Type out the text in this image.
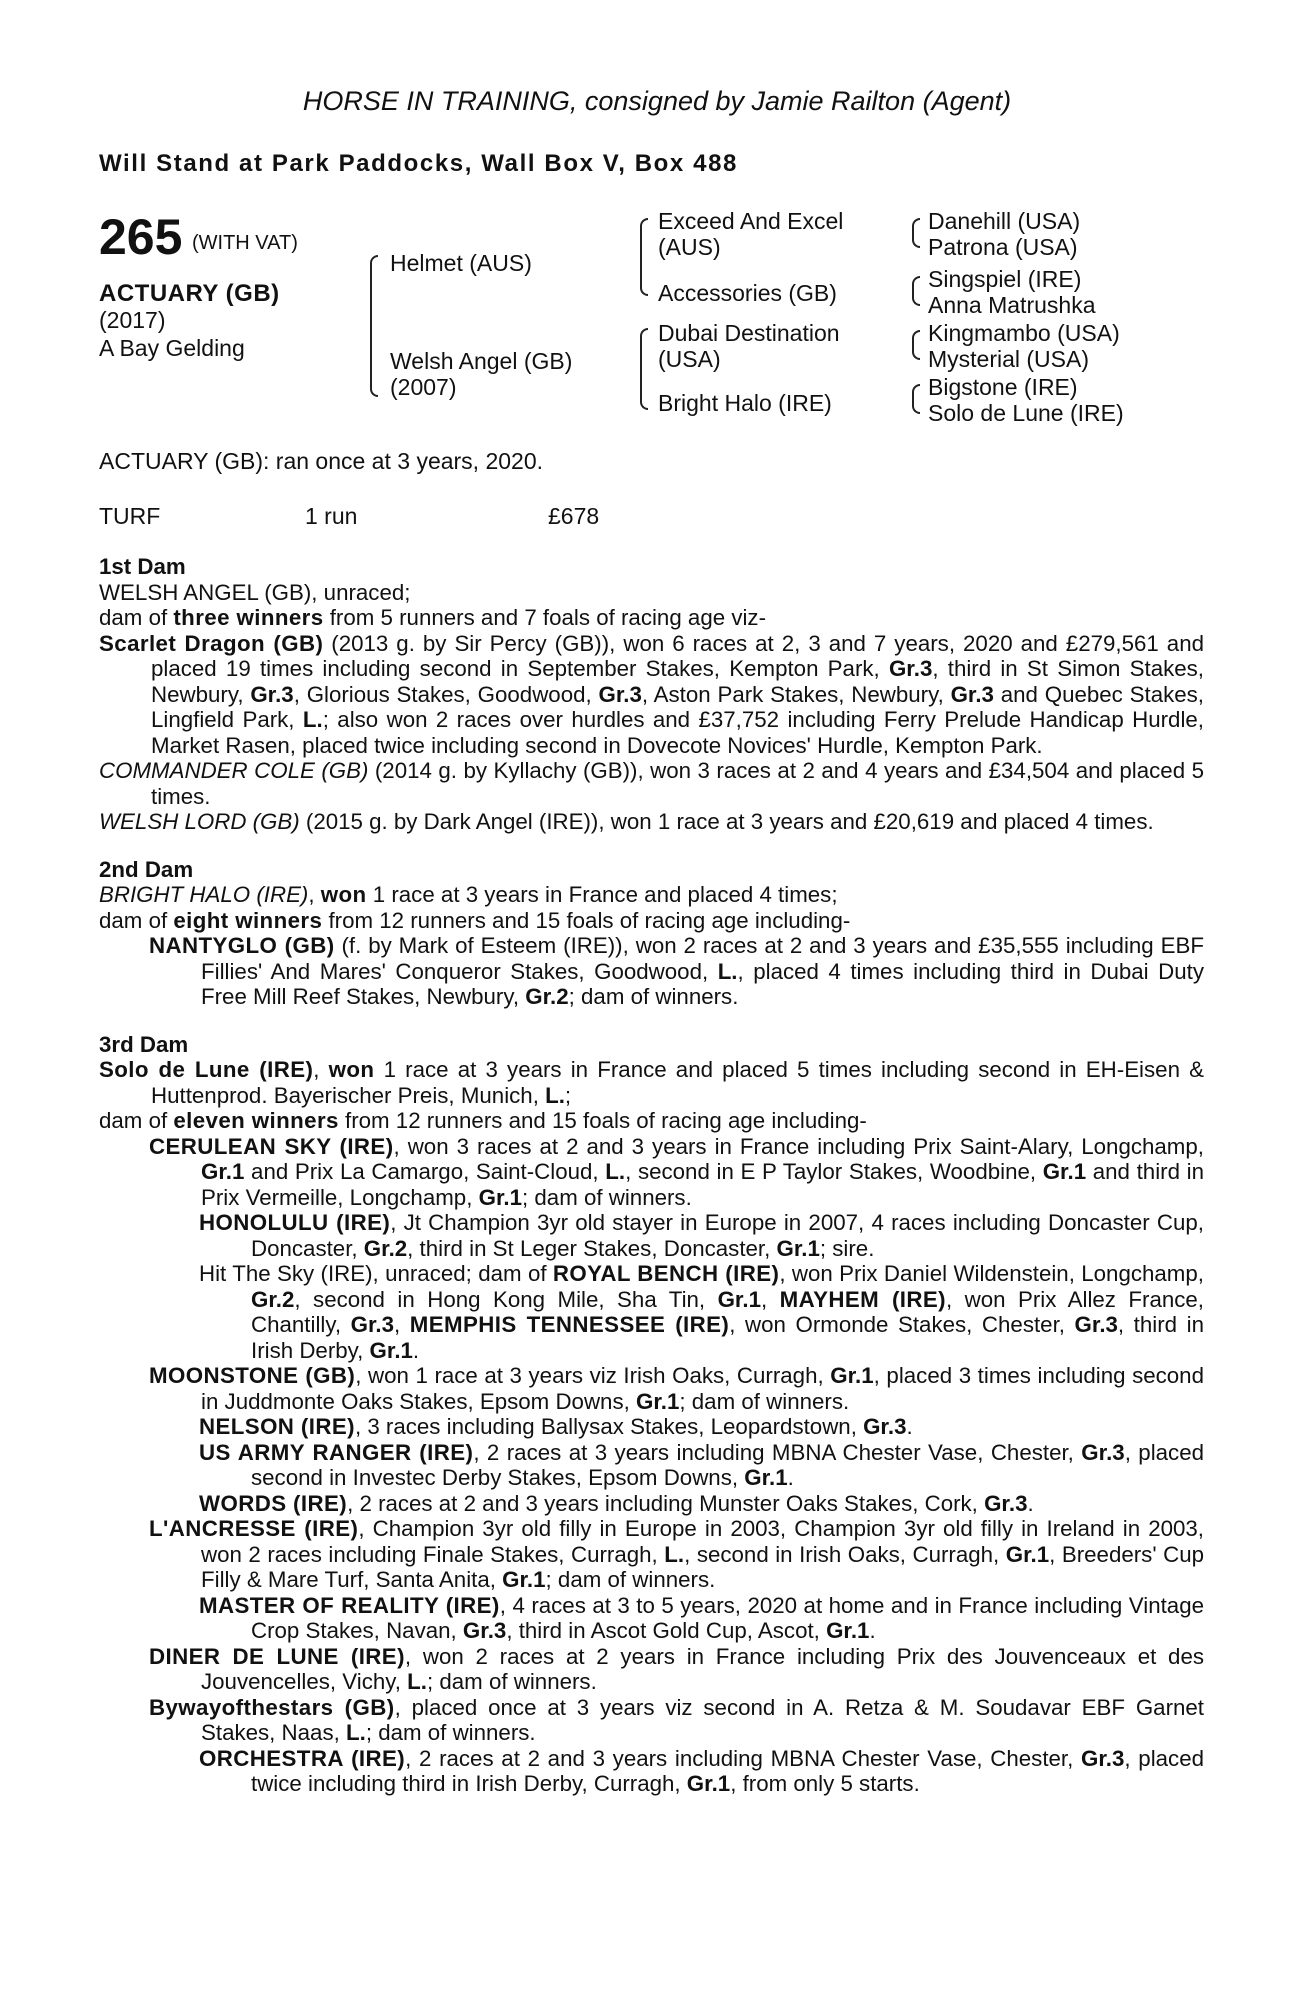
HORSE IN TRAINING, consigned by Jamie Railton (Agent)
Will Stand at Park Paddocks, Wall Box V, Box 488
265 (WITH VAT)
ACTUARY (GB)
(2017)
A Bay Gelding
Helmet (AUS)
Welsh Angel (GB)
(2007)
Exceed And Excel
(AUS)
Accessories (GB)
Dubai Destination
(USA)
Bright Halo (IRE)
Danehill (USA)
Patrona (USA)
Singspiel (IRE)
Anna Matrushka
Kingmambo (USA)
Mysterial (USA)
Bigstone (IRE)
Solo de Lune (IRE)
ACTUARY (GB): ran once at 3 years, 2020.
TURF	1 run	£678
1st Dam
WELSH ANGEL (GB), unraced;
dam of three winners from 5 runners and 7 foals of racing age viz-
Scarlet Dragon (GB) (2013 g. by Sir Percy (GB)), won 6 races at 2, 3 and 7 years, 2020 and £279,561 and placed 19 times including second in September Stakes, Kempton Park, Gr.3, third in St Simon Stakes, Newbury, Gr.3, Glorious Stakes, Goodwood, Gr.3, Aston Park Stakes, Newbury, Gr.3 and Quebec Stakes, Lingfield Park, L.; also won 2 races over hurdles and £37,752 including Ferry Prelude Handicap Hurdle, Market Rasen, placed twice including second in Dovecote Novices' Hurdle, Kempton Park.
COMMANDER COLE (GB) (2014 g. by Kyllachy (GB)), won 3 races at 2 and 4 years and £34,504 and placed 5 times.
WELSH LORD (GB) (2015 g. by Dark Angel (IRE)), won 1 race at 3 years and £20,619 and placed 4 times.
2nd Dam
BRIGHT HALO (IRE), won 1 race at 3 years in France and placed 4 times;
dam of eight winners from 12 runners and 15 foals of racing age including-
NANTYGLO (GB) (f. by Mark of Esteem (IRE)), won 2 races at 2 and 3 years and £35,555 including EBF Fillies' And Mares' Conqueror Stakes, Goodwood, L., placed 4 times including third in Dubai Duty Free Mill Reef Stakes, Newbury, Gr.2; dam of winners.
3rd Dam
Solo de Lune (IRE), won 1 race at 3 years in France and placed 5 times including second in EH-Eisen & Huttenprod. Bayerischer Preis, Munich, L.;
dam of eleven winners from 12 runners and 15 foals of racing age including-
CERULEAN SKY (IRE), won 3 races at 2 and 3 years in France including Prix Saint-Alary, Longchamp, Gr.1 and Prix La Camargo, Saint-Cloud, L., second in E P Taylor Stakes, Woodbine, Gr.1 and third in Prix Vermeille, Longchamp, Gr.1; dam of winners.
HONOLULU (IRE), Jt Champion 3yr old stayer in Europe in 2007, 4 races including Doncaster Cup, Doncaster, Gr.2, third in St Leger Stakes, Doncaster, Gr.1; sire.
Hit The Sky (IRE), unraced; dam of ROYAL BENCH (IRE), won Prix Daniel Wildenstein, Longchamp, Gr.2, second in Hong Kong Mile, Sha Tin, Gr.1, MAYHEM (IRE), won Prix Allez France, Chantilly, Gr.3, MEMPHIS TENNESSEE (IRE), won Ormonde Stakes, Chester, Gr.3, third in Irish Derby, Gr.1.
MOONSTONE (GB), won 1 race at 3 years viz Irish Oaks, Curragh, Gr.1, placed 3 times including second in Juddmonte Oaks Stakes, Epsom Downs, Gr.1; dam of winners.
NELSON (IRE), 3 races including Ballysax Stakes, Leopardstown, Gr.3.
US ARMY RANGER (IRE), 2 races at 3 years including MBNA Chester Vase, Chester, Gr.3, placed second in Investec Derby Stakes, Epsom Downs, Gr.1.
WORDS (IRE), 2 races at 2 and 3 years including Munster Oaks Stakes, Cork, Gr.3.
L'ANCRESSE (IRE), Champion 3yr old filly in Europe in 2003, Champion 3yr old filly in Ireland in 2003, won 2 races including Finale Stakes, Curragh, L., second in Irish Oaks, Curragh, Gr.1, Breeders' Cup Filly & Mare Turf, Santa Anita, Gr.1; dam of winners.
MASTER OF REALITY (IRE), 4 races at 3 to 5 years, 2020 at home and in France including Vintage Crop Stakes, Navan, Gr.3, third in Ascot Gold Cup, Ascot, Gr.1.
DINER DE LUNE (IRE), won 2 races at 2 years in France including Prix des Jouvenceaux et des Jouvencelles, Vichy, L.; dam of winners.
Bywayofthestars (GB), placed once at 3 years viz second in A. Retza & M. Soudavar EBF Garnet Stakes, Naas, L.; dam of winners.
ORCHESTRA (IRE), 2 races at 2 and 3 years including MBNA Chester Vase, Chester, Gr.3, placed twice including third in Irish Derby, Curragh, Gr.1, from only 5 starts.
